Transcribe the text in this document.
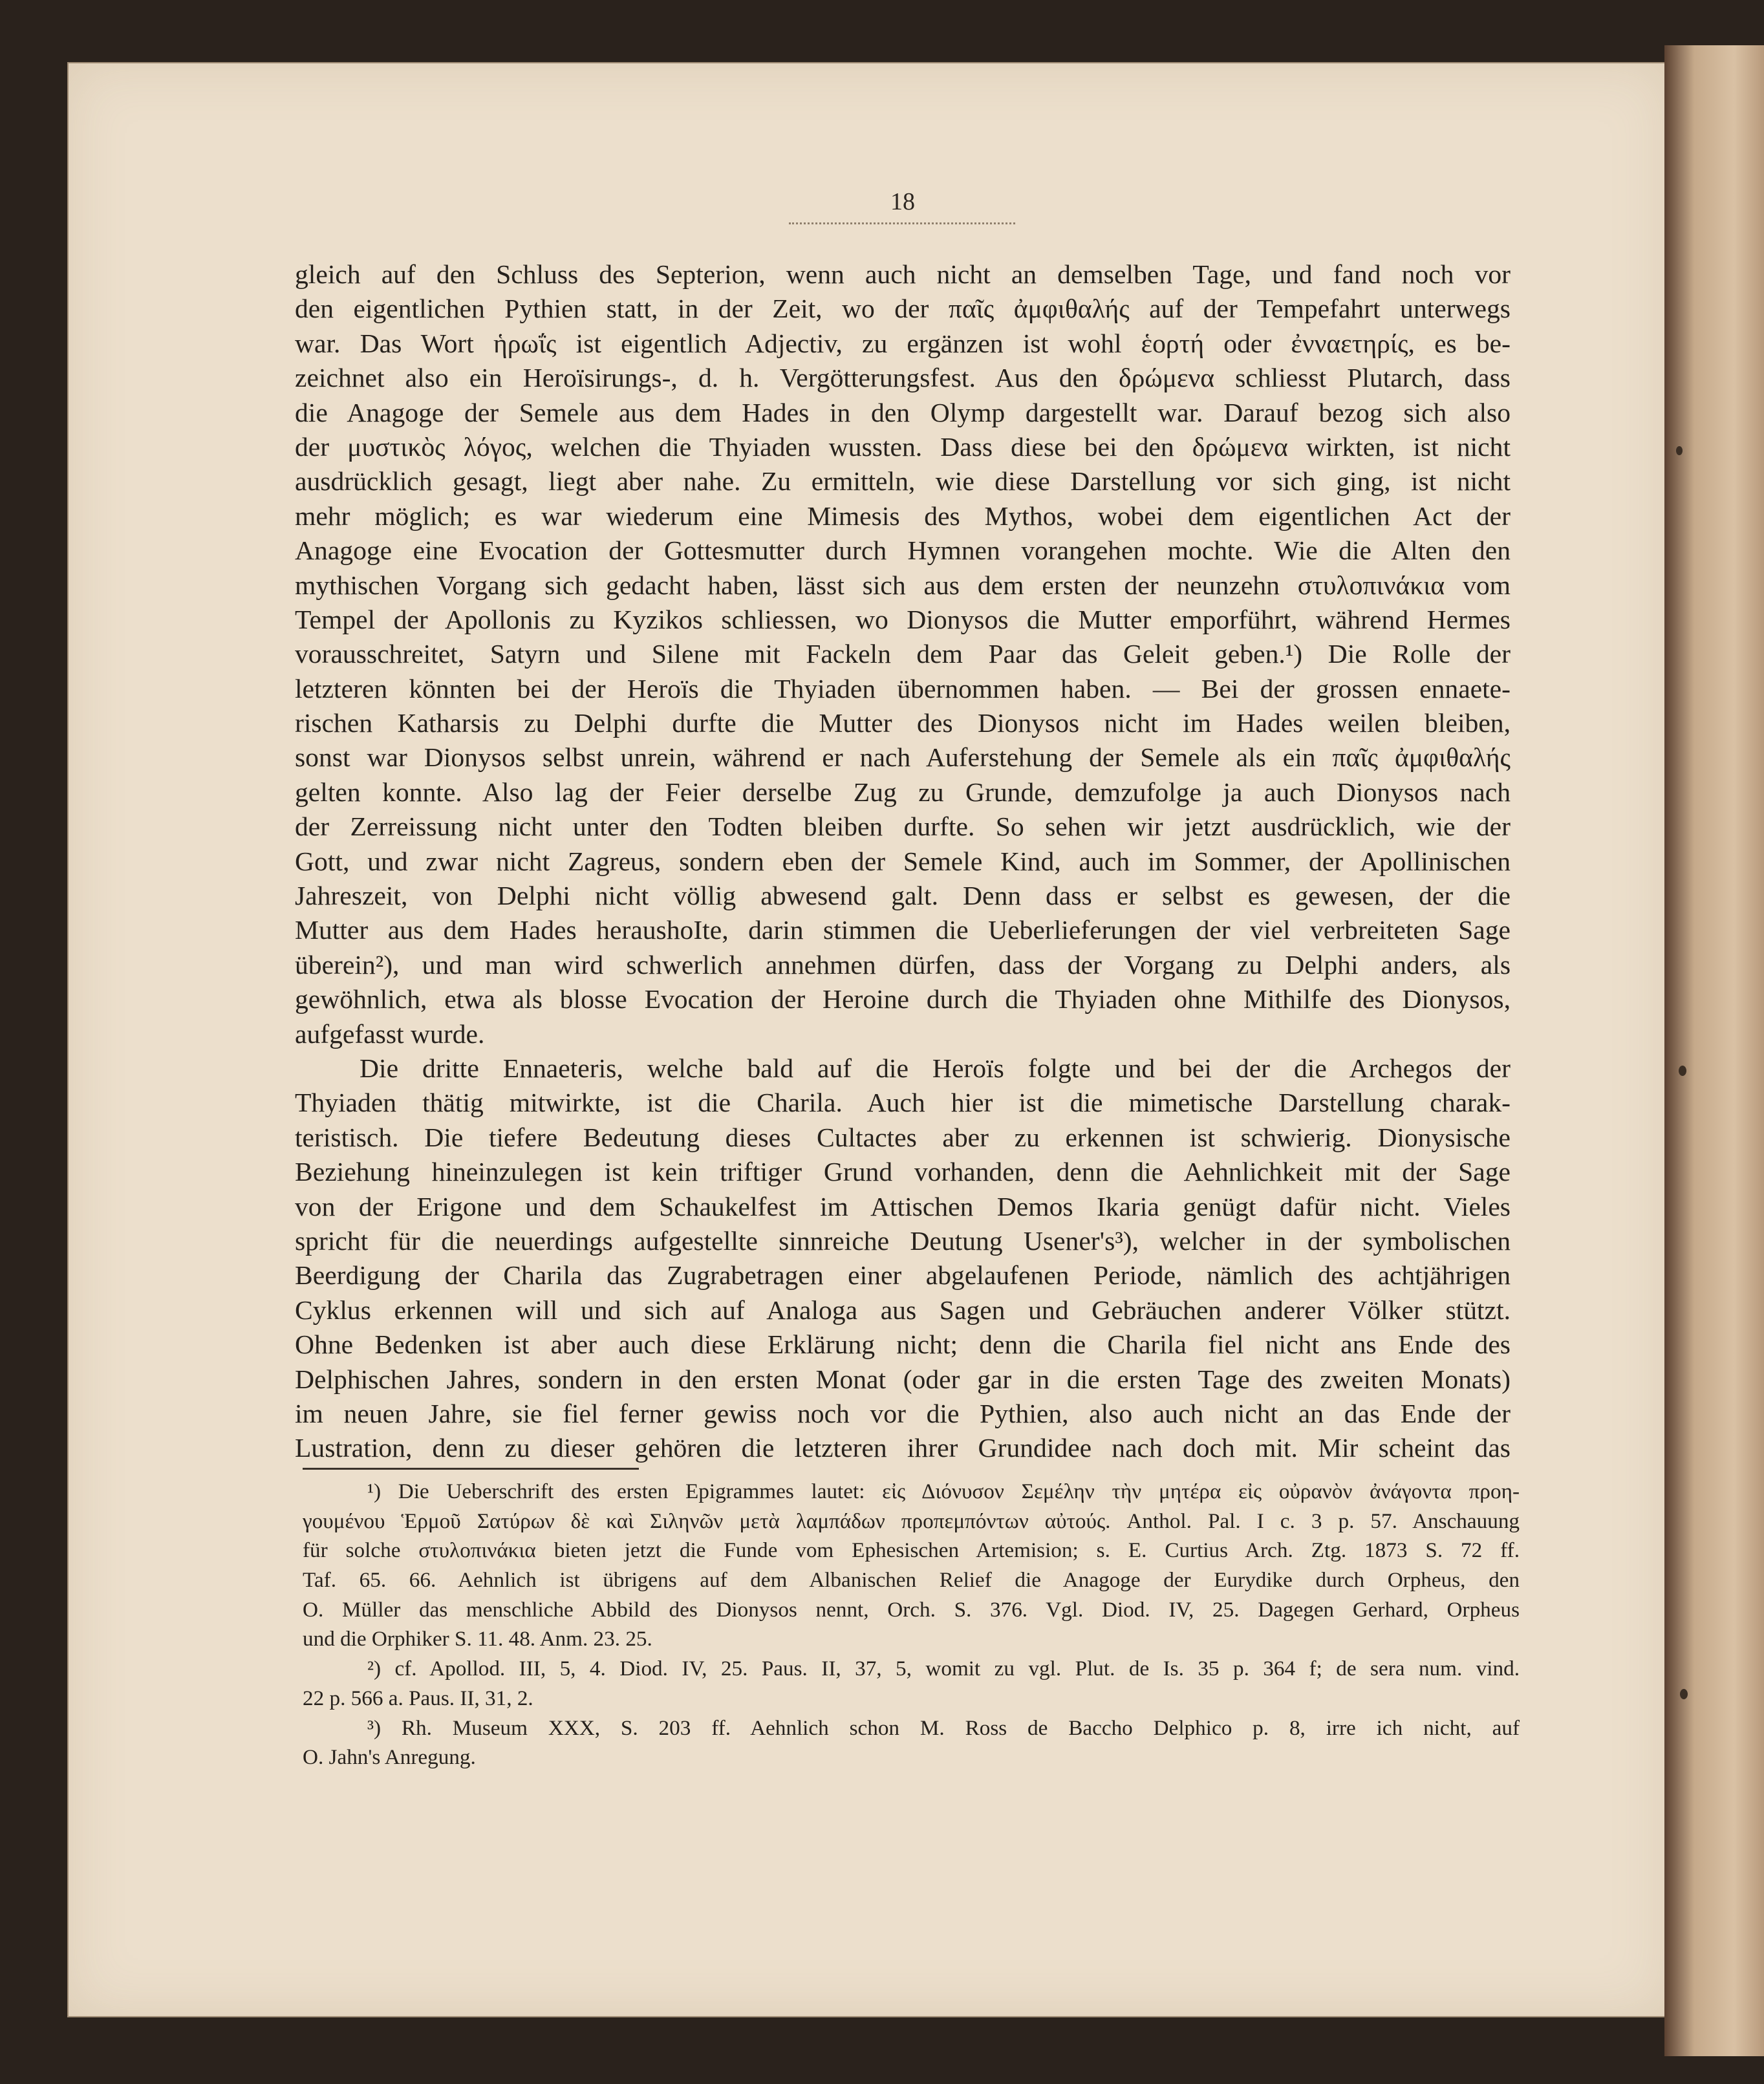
18
gleich auf den Schluss des Septerion, wenn auch nicht an demselben Tage, und fand noch vor
den eigentlichen Pythien statt, in der Zeit, wo der παῖς ἀμφιθαλής auf der Tempefahrt unterwegs
war. Das Wort ἡρωΐς ist eigentlich Adjectiv, zu ergänzen ist wohl ἑορτή oder ἐνναετηρίς, es be-
zeichnet also ein Heroïsirungs-, d. h. Vergötterungsfest. Aus den δρώμενα schliesst Plutarch, dass
die Anagoge der Semele aus dem Hades in den Olymp dargestellt war. Darauf bezog sich also
der μυστικὸς λόγος, welchen die Thyiaden wussten. Dass diese bei den δρώμενα wirkten, ist nicht
ausdrücklich gesagt, liegt aber nahe. Zu ermitteln, wie diese Darstellung vor sich ging, ist nicht
mehr möglich; es war wiederum eine Mimesis des Mythos, wobei dem eigentlichen Act der
Anagoge eine Evocation der Gottesmutter durch Hymnen vorangehen mochte. Wie die Alten den
mythischen Vorgang sich gedacht haben, lässt sich aus dem ersten der neunzehn στυλοπινάκια vom
Tempel der Apollonis zu Kyzikos schliessen, wo Dionysos die Mutter emporführt, während Hermes
vorausschreitet, Satyrn und Silene mit Fackeln dem Paar das Geleit geben.¹) Die Rolle der
letzteren könnten bei der Heroïs die Thyiaden übernommen haben. — Bei der grossen ennaete-
rischen Katharsis zu Delphi durfte die Mutter des Dionysos nicht im Hades weilen bleiben,
sonst war Dionysos selbst unrein, während er nach Auferstehung der Semele als ein παῖς ἀμφιθαλής
gelten konnte. Also lag der Feier derselbe Zug zu Grunde, demzufolge ja auch Dionysos nach
der Zerreissung nicht unter den Todten bleiben durfte. So sehen wir jetzt ausdrücklich, wie der
Gott, und zwar nicht Zagreus, sondern eben der Semele Kind, auch im Sommer, der Apollinischen
Jahreszeit, von Delphi nicht völlig abwesend galt. Denn dass er selbst es gewesen, der die
Mutter aus dem Hades heraushoIte, darin stimmen die Ueberlieferungen der viel verbreiteten Sage
überein²), und man wird schwerlich annehmen dürfen, dass der Vorgang zu Delphi anders, als
gewöhnlich, etwa als blosse Evocation der Heroine durch die Thyiaden ohne Mithilfe des Dionysos,
aufgefasst wurde.
Die dritte Ennaeteris, welche bald auf die Heroïs folgte und bei der die Archegos der
Thyiaden thätig mitwirkte, ist die Charila. Auch hier ist die mimetische Darstellung charak-
teristisch. Die tiefere Bedeutung dieses Cultactes aber zu erkennen ist schwierig. Dionysische
Beziehung hineinzulegen ist kein triftiger Grund vorhanden, denn die Aehnlichkeit mit der Sage
von der Erigone und dem Schaukelfest im Attischen Demos Ikaria genügt dafür nicht. Vieles
spricht für die neuerdings aufgestellte sinnreiche Deutung Usener's³), welcher in der symbolischen
Beerdigung der Charila das Zugrabetragen einer abgelaufenen Periode, nämlich des achtjährigen
Cyklus erkennen will und sich auf Analoga aus Sagen und Gebräuchen anderer Völker stützt.
Ohne Bedenken ist aber auch diese Erklärung nicht; denn die Charila fiel nicht ans Ende des
Delphischen Jahres, sondern in den ersten Monat (oder gar in die ersten Tage des zweiten Monats)
im neuen Jahre, sie fiel ferner gewiss noch vor die Pythien, also auch nicht an das Ende der
Lustration, denn zu dieser gehören die letzteren ihrer Grundidee nach doch mit. Mir scheint das
¹) Die Ueberschrift des ersten Epigrammes lautet: εἰς Διόνυσον Σεμέλην τὴν μητέρα εἰς οὐρανὸν ἀνάγοντα προη-
γουμένου Ἑρμοῦ Σατύρων δὲ καὶ Σιληνῶν μετὰ λαμπάδων προπεμπόντων αὐτούς. Anthol. Pal. I c. 3 p. 57. Anschauung
für solche στυλοπινάκια bieten jetzt die Funde vom Ephesischen Artemision; s. E. Curtius Arch. Ztg. 1873 S. 72 ff.
Taf. 65. 66. Aehnlich ist übrigens auf dem Albanischen Relief die Anagoge der Eurydike durch Orpheus, den
O. Müller das menschliche Abbild des Dionysos nennt, Orch. S. 376. Vgl. Diod. IV, 25. Dagegen Gerhard, Orpheus
und die Orphiker S. 11. 48. Anm. 23. 25.
²) cf. Apollod. III, 5, 4. Diod. IV, 25. Paus. II, 37, 5, womit zu vgl. Plut. de Is. 35 p. 364 f; de sera num. vind.
22 p. 566 a. Paus. II, 31, 2.
³) Rh. Museum XXX, S. 203 ff. Aehnlich schon M. Ross de Baccho Delphico p. 8, irre ich nicht, auf
O. Jahn's Anregung.
